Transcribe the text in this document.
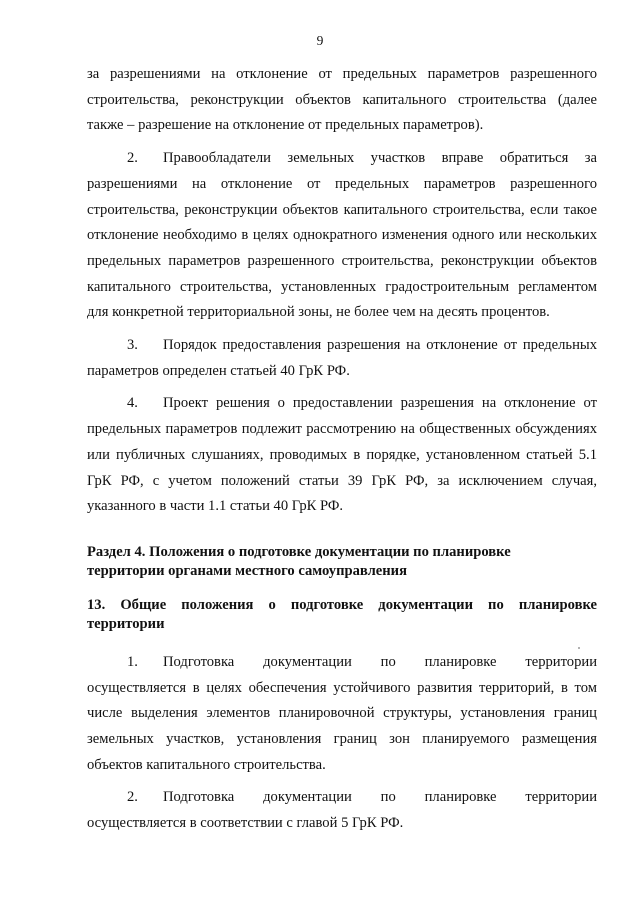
9

за разрешениями на отклонение от предельных параметров разрешенного строительства, реконструкции объектов капитального строительства (далее также – разрешение на отклонение от предельных параметров).

2. Правообладатели земельных участков вправе обратиться за разрешениями на отклонение от предельных параметров разрешенного строительства, реконструкции объектов капитального строительства, если такое отклонение необходимо в целях однократного изменения одного или нескольких предельных параметров разрешенного строительства, реконструкции объектов капитального строительства, установленных градостроительным регламентом для конкретной территориальной зоны, не более чем на десять процентов.

3. Порядок предоставления разрешения на отклонение от предельных параметров определен статьей 40 ГрК РФ.

4. Проект решения о предоставлении разрешения на отклонение от предельных параметров подлежит рассмотрению на общественных обсуждениях или публичных слушаниях, проводимых в порядке, установленном статьей 5.1 ГрК РФ, с учетом положений статьи 39 ГрК РФ, за исключением случая, указанного в части 1.1 статьи 40 ГрК РФ.

Раздел 4. Положения о подготовке документации по планировке
территории органами местного самоуправления

13. Общие положения о подготовке документации по планировке территории

1. Подготовка документации по планировке территории осуществляется в целях обеспечения устойчивого развития территорий, в том числе выделения элементов планировочной структуры, установления границ земельных участков, установления границ зон планируемого размещения объектов капитального строительства.

2. Подготовка документации по планировке территории осуществляется в соответствии с главой 5 ГрК РФ.
